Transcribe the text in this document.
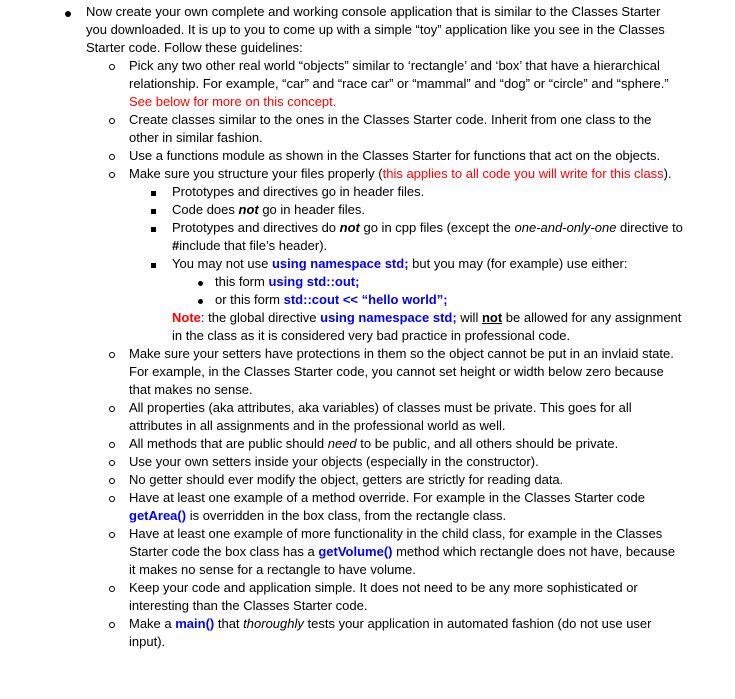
Now create your own complete and working console application that is similar to the Classes Starter
you downloaded. It is up to you to come up with a simple “toy” application like you see in the Classes
Starter code. Follow these guidelines:
Pick any two other real world “objects” similar to ‘rectangle’ and ‘box’ that have a hierarchical
relationship. For example, “car” and “race car” or “mammal” and “dog” or “circle” and “sphere.”
See below for more on this concept.
Create classes similar to the ones in the Classes Starter code. Inherit from one class to the
other in similar fashion.
Use a functions module as shown in the Classes Starter for functions that act on the objects.
Make sure you structure your files properly (this applies to all code you will write for this class).
Prototypes and directives go in header files.
Code does not go in header files.
Prototypes and directives do not go in cpp files (except the one-and-only-one directive to
#include that file’s header).
You may not use using namespace std; but you may (for example) use either:
this form using std::out;
or this form std::cout << “hello world”;
Note: the global directive using namespace std; will not be allowed for any assignment
in the class as it is considered very bad practice in professional code.
Make sure your setters have protections in them so the object cannot be put in an invlaid state.
For example, in the Classes Starter code, you cannot set height or width below zero because
that makes no sense.
All properties (aka attributes, aka variables) of classes must be private. This goes for all
attributes in all assignments and in the professional world as well.
All methods that are public should need to be public, and all others should be private.
Use your own setters inside your objects (especially in the constructor).
No getter should ever modify the object, getters are strictly for reading data.
Have at least one example of a method override. For example in the Classes Starter code
getArea() is overridden in the box class, from the rectangle class.
Have at least one example of more functionality in the child class, for example in the Classes
Starter code the box class has a getVolume() method which rectangle does not have, because
it makes no sense for a rectangle to have volume.
Keep your code and application simple. It does not need to be any more sophisticated or
interesting than the Classes Starter code.
Make a main() that thoroughly tests your application in automated fashion (do not use user
input).
